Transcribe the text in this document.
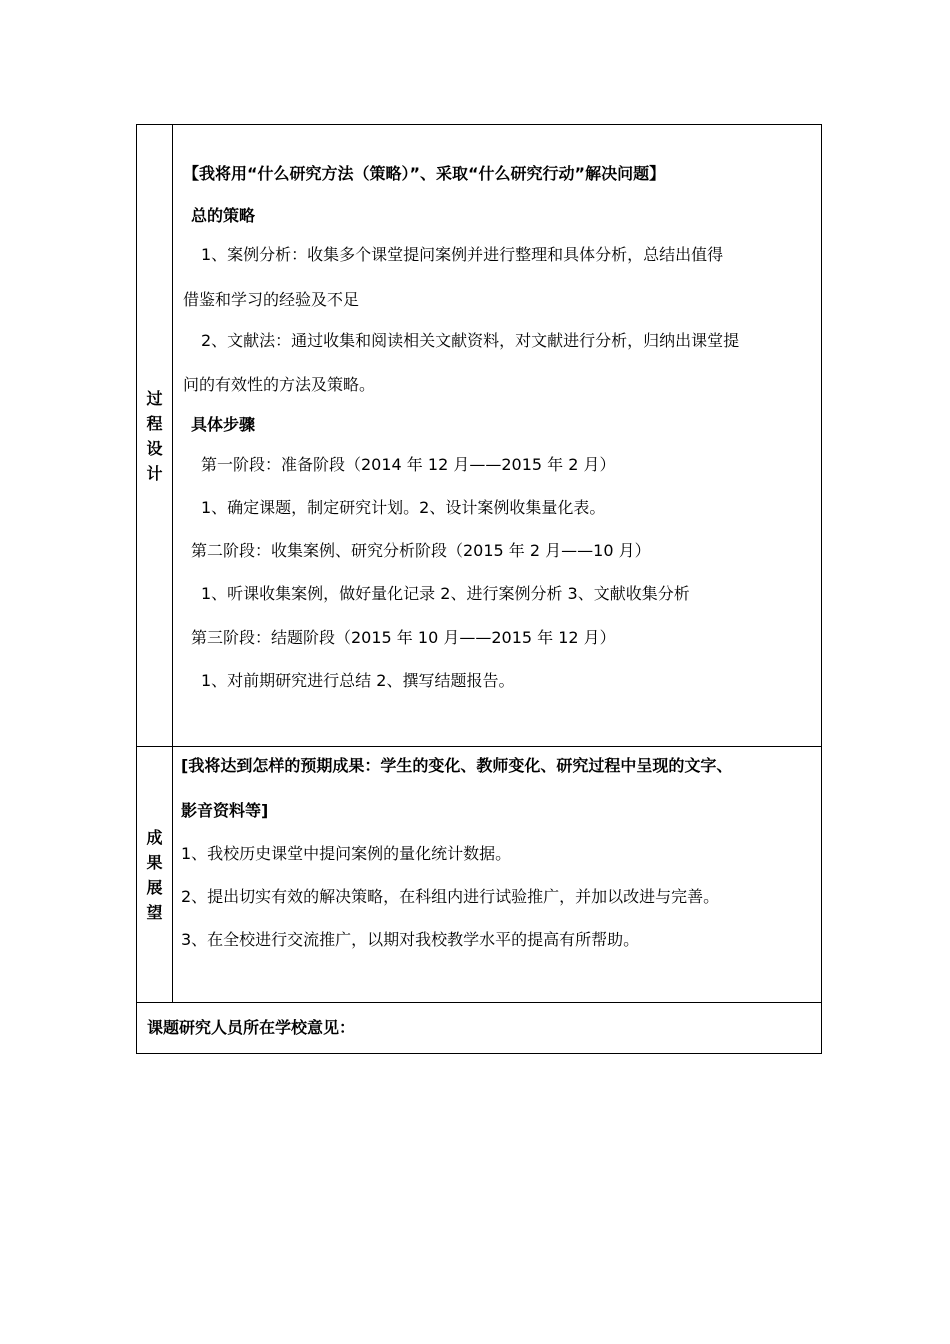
过程设计
【我将用“什么研究方法（策略）”、采取“什么研究行动”解决问题】
总的策略
1、案例分析：收集多个课堂提问案例并进行整理和具体分析，总结出值得
借鉴和学习的经验及不足
2、文献法：通过收集和阅读相关文献资料，对文献进行分析，归纳出课堂提
问的有效性的方法及策略。
具体步骤
第一阶段：准备阶段（2014 年 12 月——2015 年 2 月）
1、确定课题，制定研究计划。2、设计案例收集量化表。
第二阶段：收集案例、研究分析阶段（2015 年 2 月——10 月）
1、听课收集案例，做好量化记录 2、进行案例分析 3、文献收集分析
第三阶段：结题阶段（2015 年 10 月——2015 年 12 月）
1、对前期研究进行总结 2、撰写结题报告。
成果展望
[我将达到怎样的预期成果：学生的变化、教师变化、研究过程中呈现的文字、
影音资料等]
1、我校历史课堂中提问案例的量化统计数据。
2、提出切实有效的解决策略，在科组内进行试验推广，并加以改进与完善。
3、在全校进行交流推广，以期对我校教学水平的提高有所帮助。
课题研究人员所在学校意见：
